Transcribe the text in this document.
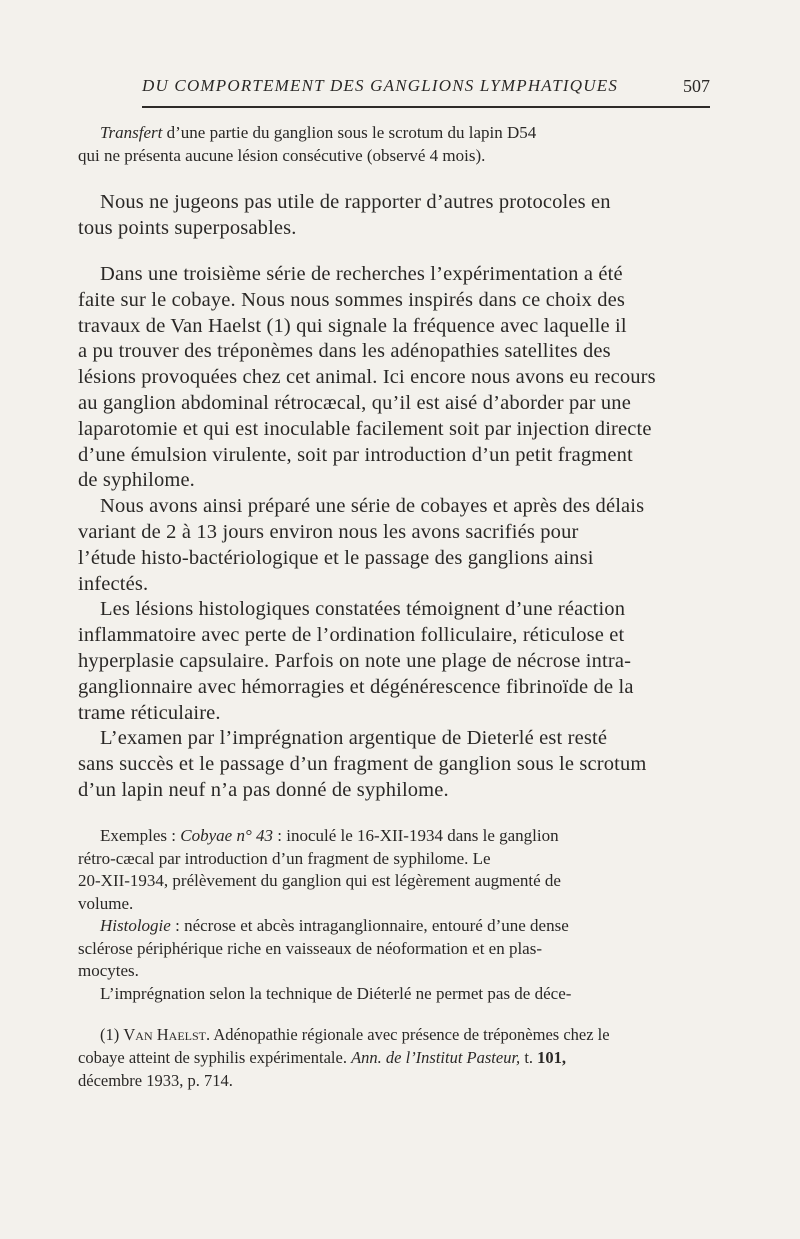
DU COMPORTEMENT DES GANGLIONS LYMPHATIQUES	507
Transfert d’une partie du ganglion sous le scrotum du lapin D54
qui ne présenta aucune lésion consécutive (observé 4 mois).
Nous ne jugeons pas utile de rapporter d’autres protocoles en
tous points superposables.
Dans une troisième série de recherches l’expérimentation a été
faite sur le cobaye. Nous nous sommes inspirés dans ce choix des
travaux de Van Haelst (1) qui signale la fréquence avec laquelle il
a pu trouver des tréponèmes dans les adénopathies satellites des
lésions provoquées chez cet animal. Ici encore nous avons eu recours
au ganglion abdominal rétrocæcal, qu’il est aisé d’aborder par une
laparotomie et qui est inoculable facilement soit par injection directe
d’une émulsion virulente, soit par introduction d’un petit fragment
de syphilome.
Nous avons ainsi préparé une série de cobayes et après des délais
variant de 2 à 13 jours environ nous les avons sacrifiés pour
l’étude histo-bactériologique et le passage des ganglions ainsi
infectés.
Les lésions histologiques constatées témoignent d’une réaction
inflammatoire avec perte de l’ordination folliculaire, réticulose et
hyperplasie capsulaire. Parfois on note une plage de nécrose intra-
ganglionnaire avec hémorragies et dégénérescence fibrinoïde de la
trame réticulaire.
L’examen par l’imprégnation argentique de Dieterlé est resté
sans succès et le passage d’un fragment de ganglion sous le scrotum
d’un lapin neuf n’a pas donné de syphilome.
Exemples : Cobyae n° 43 : inoculé le 16-XII-1934 dans le ganglion
rétro-cæcal par introduction d’un fragment de syphilome. Le
20-XII-1934, prélèvement du ganglion qui est légèrement augmenté de
volume.
Histologie : nécrose et abcès intraganglionnaire, entouré d’une dense
sclérose périphérique riche en vaisseaux de néoformation et en plas-
mocytes.
L’imprégnation selon la technique de Diéterlé ne permet pas de déce-
(1) Van Haelst. Adénopathie régionale avec présence de tréponèmes chez le
cobaye atteint de syphilis expérimentale. Ann. de l’Institut Pasteur, t. 101,
décembre 1933, p. 714.
